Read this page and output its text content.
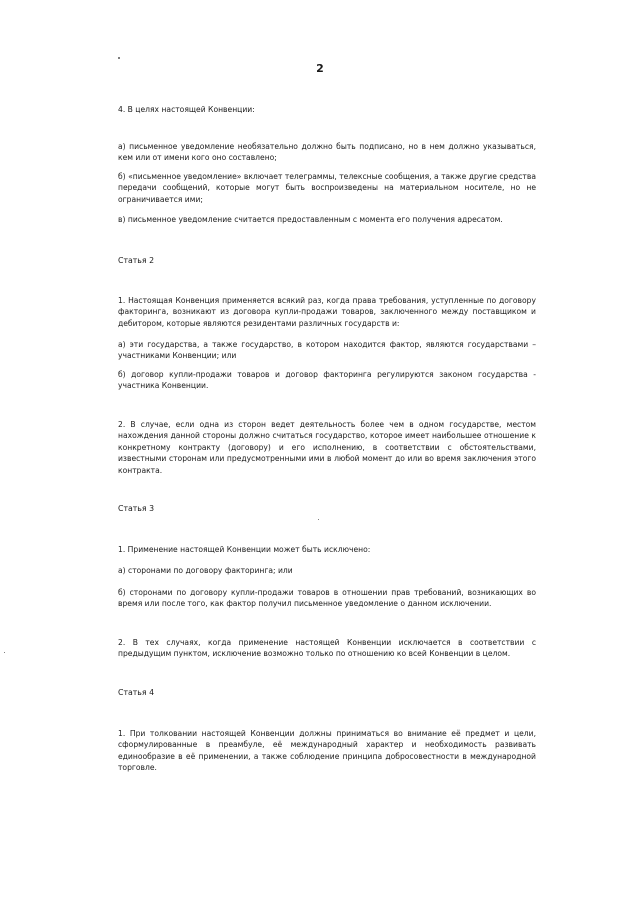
2

4. В целях настоящей Конвенции:

а) письменное уведомление необязательно должно быть подписано, но в нем должно указываться, кем или от имени кого оно составлено;

б) «письменное уведомление» включает телеграммы, телексные сообщения, а также другие средства передачи сообщений, которые могут быть воспроизведены на материальном носителе, но не ограничивается ими;

в) письменное уведомление считается предоставленным с момента его получения адресатом.

Статья 2

1. Настоящая Конвенция применяется всякий раз, когда права требования, уступленные по договору факторинга, возникают из договора купли-продажи товаров, заключенного между поставщиком и дебитором, которые являются резидентами различных государств и:

а) эти государства, а также государство, в котором находится фактор, являются государствами – участниками Конвенции; или

б) договор купли-продажи товаров и договор факторинга регулируются законом государства - участника Конвенции.

2. В случае, если одна из сторон ведет деятельность более чем в одном государстве, местом нахождения данной стороны должно считаться государство, которое имеет наибольшее отношение к конкретному контракту (договору) и его исполнению, в соответствии с обстоятельствами, известными сторонам или предусмотренными ими в любой момент до или во время заключения этого контракта.

Статья 3

1. Применение настоящей Конвенции может быть исключено:

а) сторонами по договору факторинга; или

б) сторонами по договору купли-продажи товаров в отношении прав требований, возникающих во время или после того, как фактор получил письменное уведомление о данном исключении.

2. В тех случаях, когда применение настоящей Конвенции исключается в соответствии с предыдущим пунктом, исключение возможно только по отношению ко всей Конвенции в целом.

Статья 4

1. При толковании настоящей Конвенции должны приниматься во внимание её предмет и цели, сформулированные в преамбуле, её международный характер и необходимость развивать единообразие в её применении, а также соблюдение принципа добросовестности в международной торговле.
